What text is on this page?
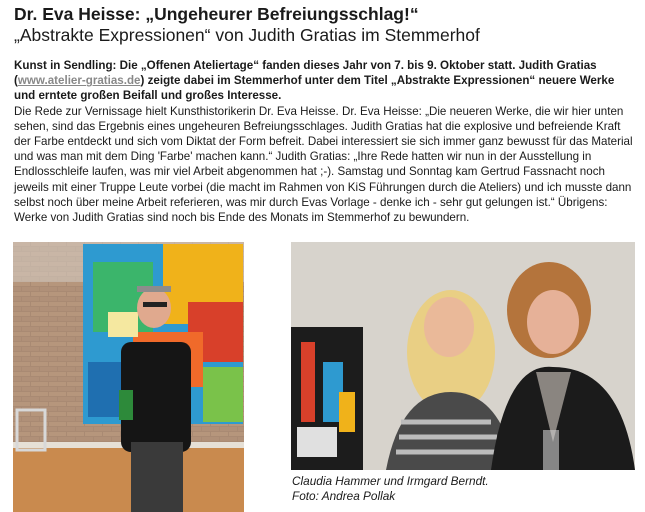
Dr. Eva Heisse: „Ungeheurer Befreiungsschlag!“
„Abstrakte Expressionen“ von Judith Gratias im Stemmerhof
Kunst in Sendling: Die „Offenen Ateliertage“ fanden dieses Jahr von 7. bis 9. Oktober statt. Judith Gratias (www.atelier-gratias.de) zeigte dabei im Stemmerhof unter dem Titel „Abstrakte Expressionen“ neuere Werke und erntete großen Beifall und großes Interesse.
Die Rede zur Vernissage hielt Kunsthistorikerin Dr. Eva Heisse. Dr. Eva Heisse: „Die neueren Werke, die wir hier unten sehen, sind das Ergebnis eines ungeheuren Befreiungsschlages. Judith Gratias hat die explosive und befreiende Kraft der Farbe entdeckt und sich vom Diktat der Form befreit. Dabei interessiert sie sich immer ganz bewusst für das Material und was man mit dem Ding 'Farbe' machen kann.“ Judith Gratias: „Ihre Rede hatten wir nun in der Ausstellung in Endlosschleife laufen, was mir viel Arbeit abgenommen hat ;-). Samstag und Sonntag kam Gertrud Fassnacht noch jeweils mit einer Truppe Leute vorbei (die macht im Rahmen von KiS Führungen durch die Ateliers) und ich musste dann selbst noch über meine Arbeit referieren, was mir durch Evas Vorlage - denke ich - sehr gut gelungen ist.“ Übrigens: Werke von Judith Gratias sind noch bis Ende des Monats im Stemmerhof zu bewundern.
Claudia Hammer und Irmgard Berndt.
Foto: Andrea Pollak
